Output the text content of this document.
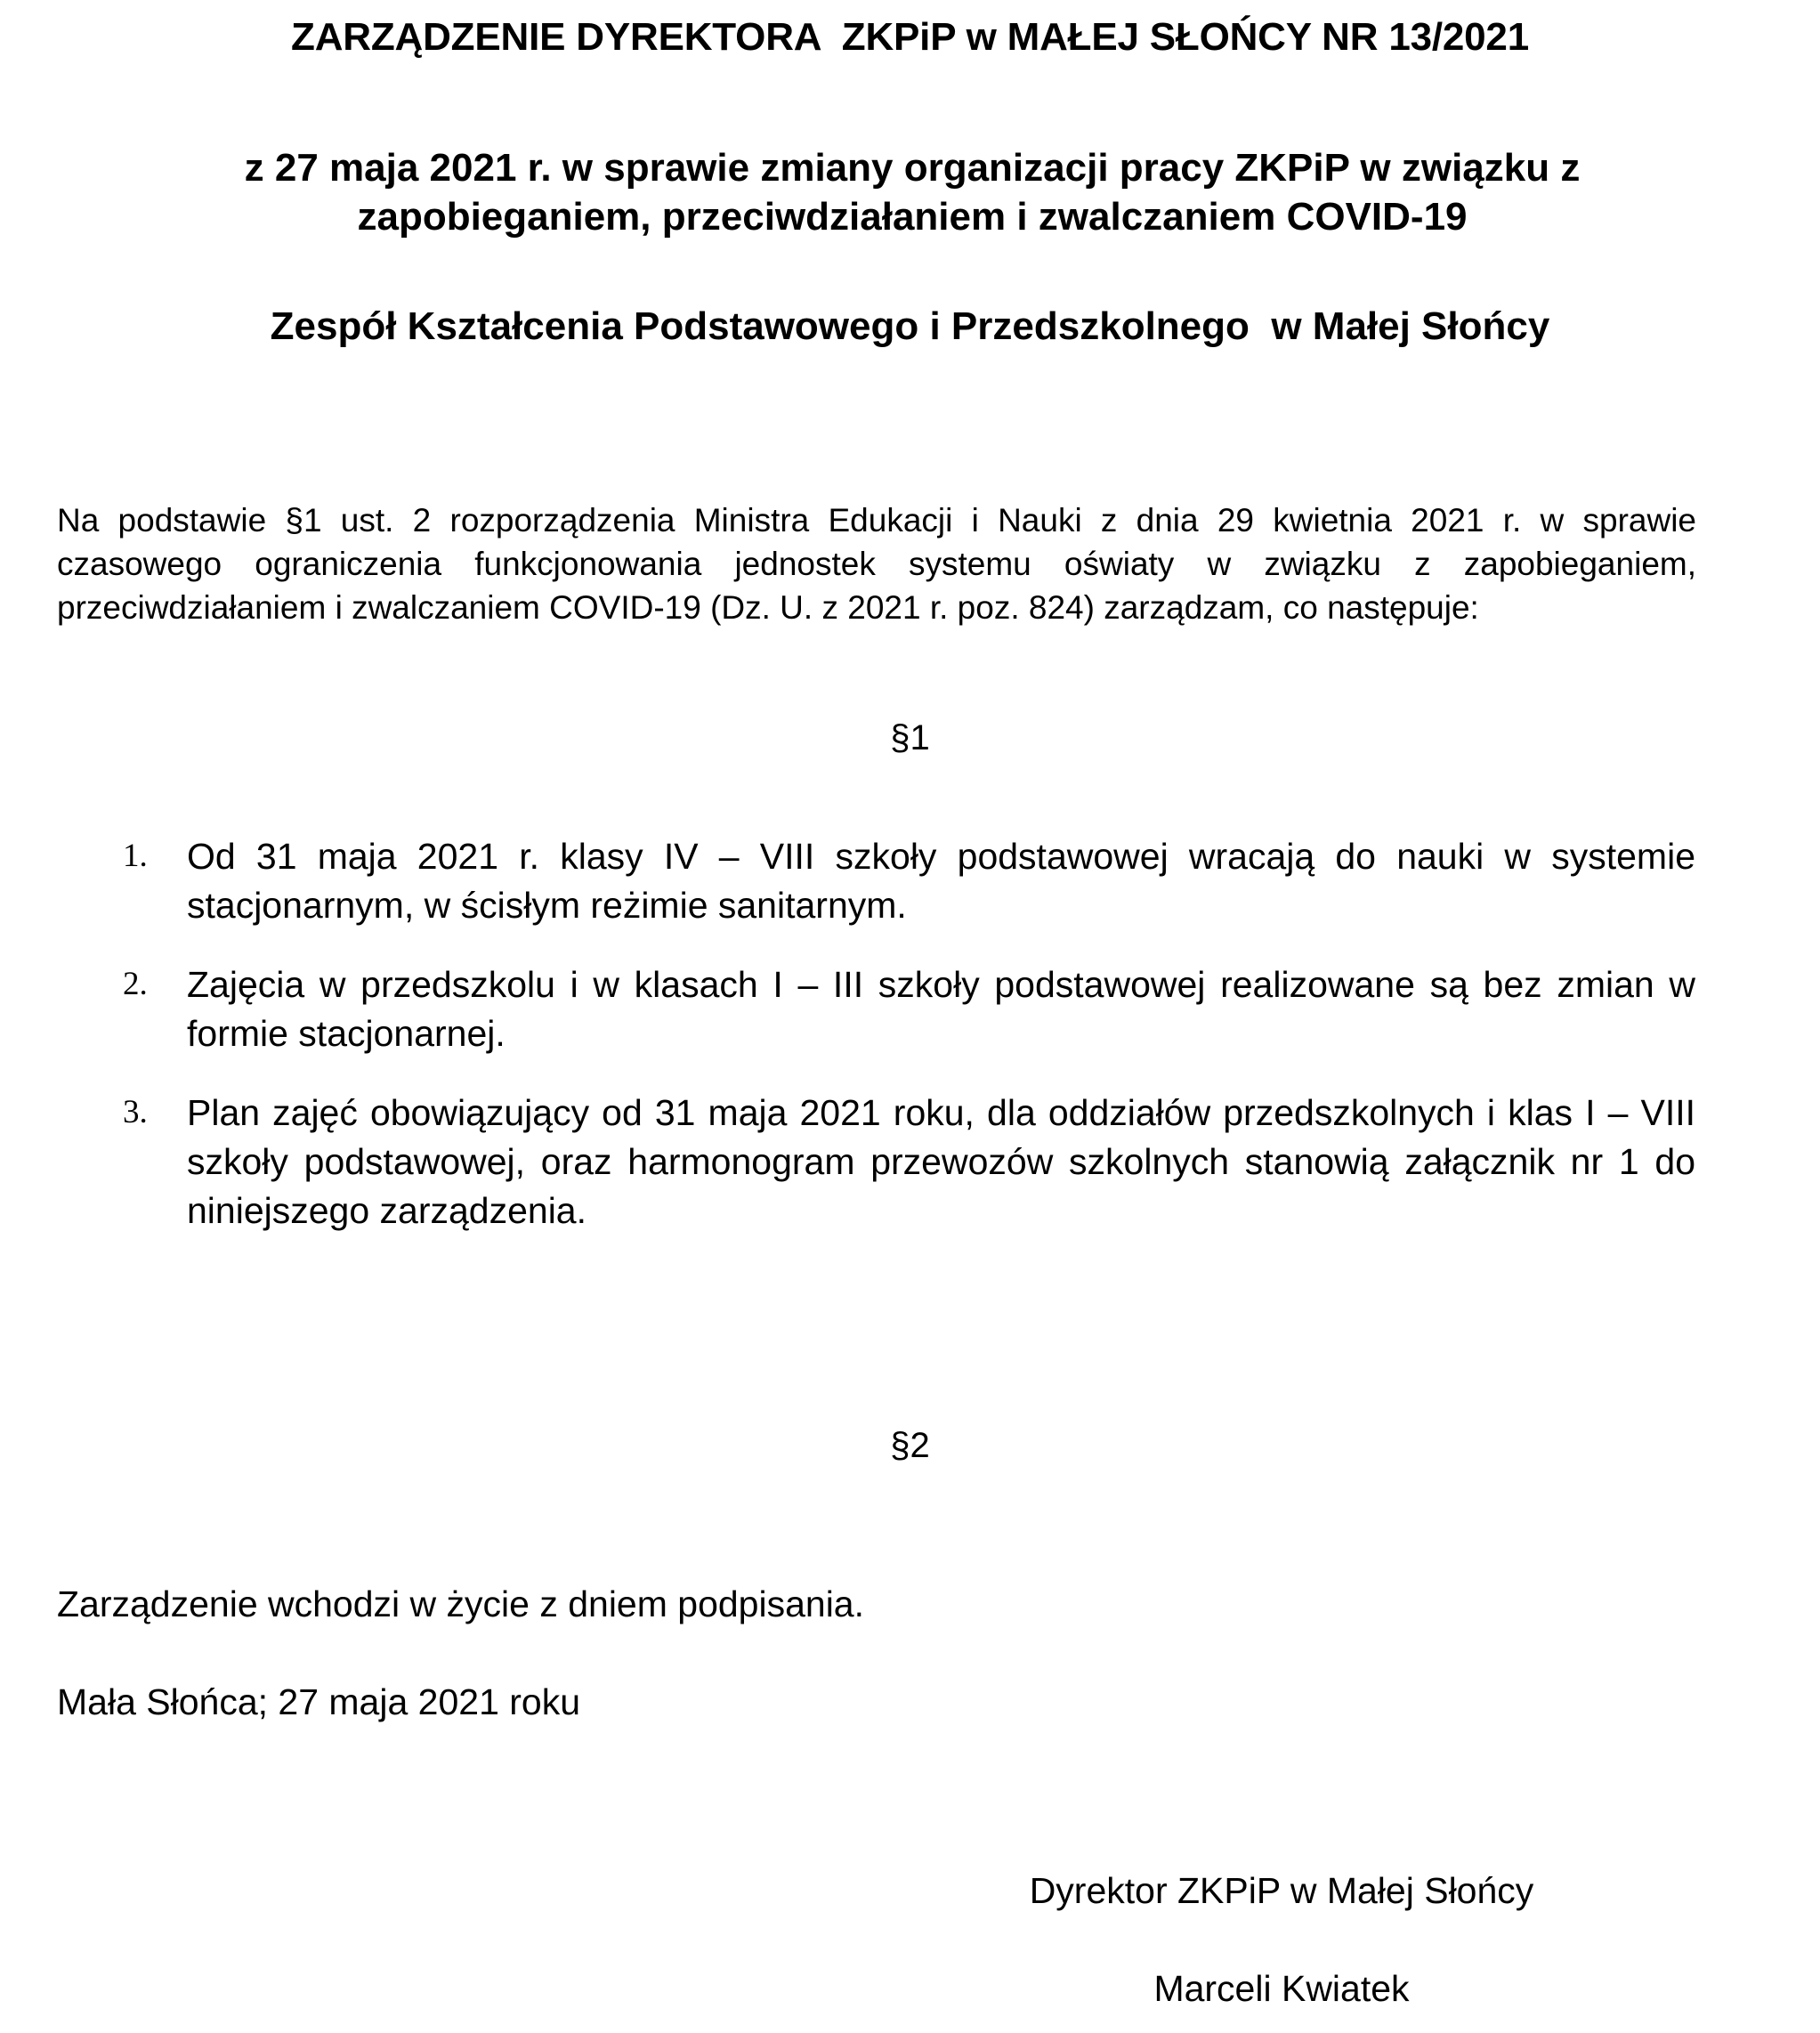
ZARZĄDZENIE DYREKTORA  ZKPiP w MAŁEJ SŁOŃCY NR 13/2021
z 27 maja 2021 r. w sprawie zmiany organizacji pracy ZKPiP w związku z zapobieganiem, przeciwdziałaniem i zwalczaniem COVID-19
Zespół Kształcenia Podstawowego i Przedszkolnego  w Małej Słońcy

Na podstawie §1 ust. 2 rozporządzenia Ministra Edukacji i Nauki z dnia 29 kwietnia 2021 r. w sprawie czasowego ograniczenia funkcjonowania jednostek systemu oświaty w związku z zapobieganiem, przeciwdziałaniem i zwalczaniem COVID-19 (Dz. U. z 2021 r. poz. 824) zarządzam, co następuje:

§1
1. Od 31 maja 2021 r. klasy IV – VIII szkoły podstawowej wracają do nauki w systemie stacjonarnym, w ścisłym reżimie sanitarnym.
2. Zajęcia w przedszkolu i w klasach I – III szkoły podstawowej realizowane są bez zmian w formie stacjonarnej.
3. Plan zajęć obowiązujący od 31 maja 2021 roku, dla oddziałów przedszkolnych i klas I – VIII szkoły podstawowej, oraz harmonogram przewozów szkolnych stanowią załącznik nr 1 do niniejszego zarządzenia.
§2

Zarządzenie wchodzi w życie z dniem podpisania.

Mała Słońca; 27 maja 2021 roku

Dyrektor ZKPiP w Małej Słońcy
Marceli Kwiatek
